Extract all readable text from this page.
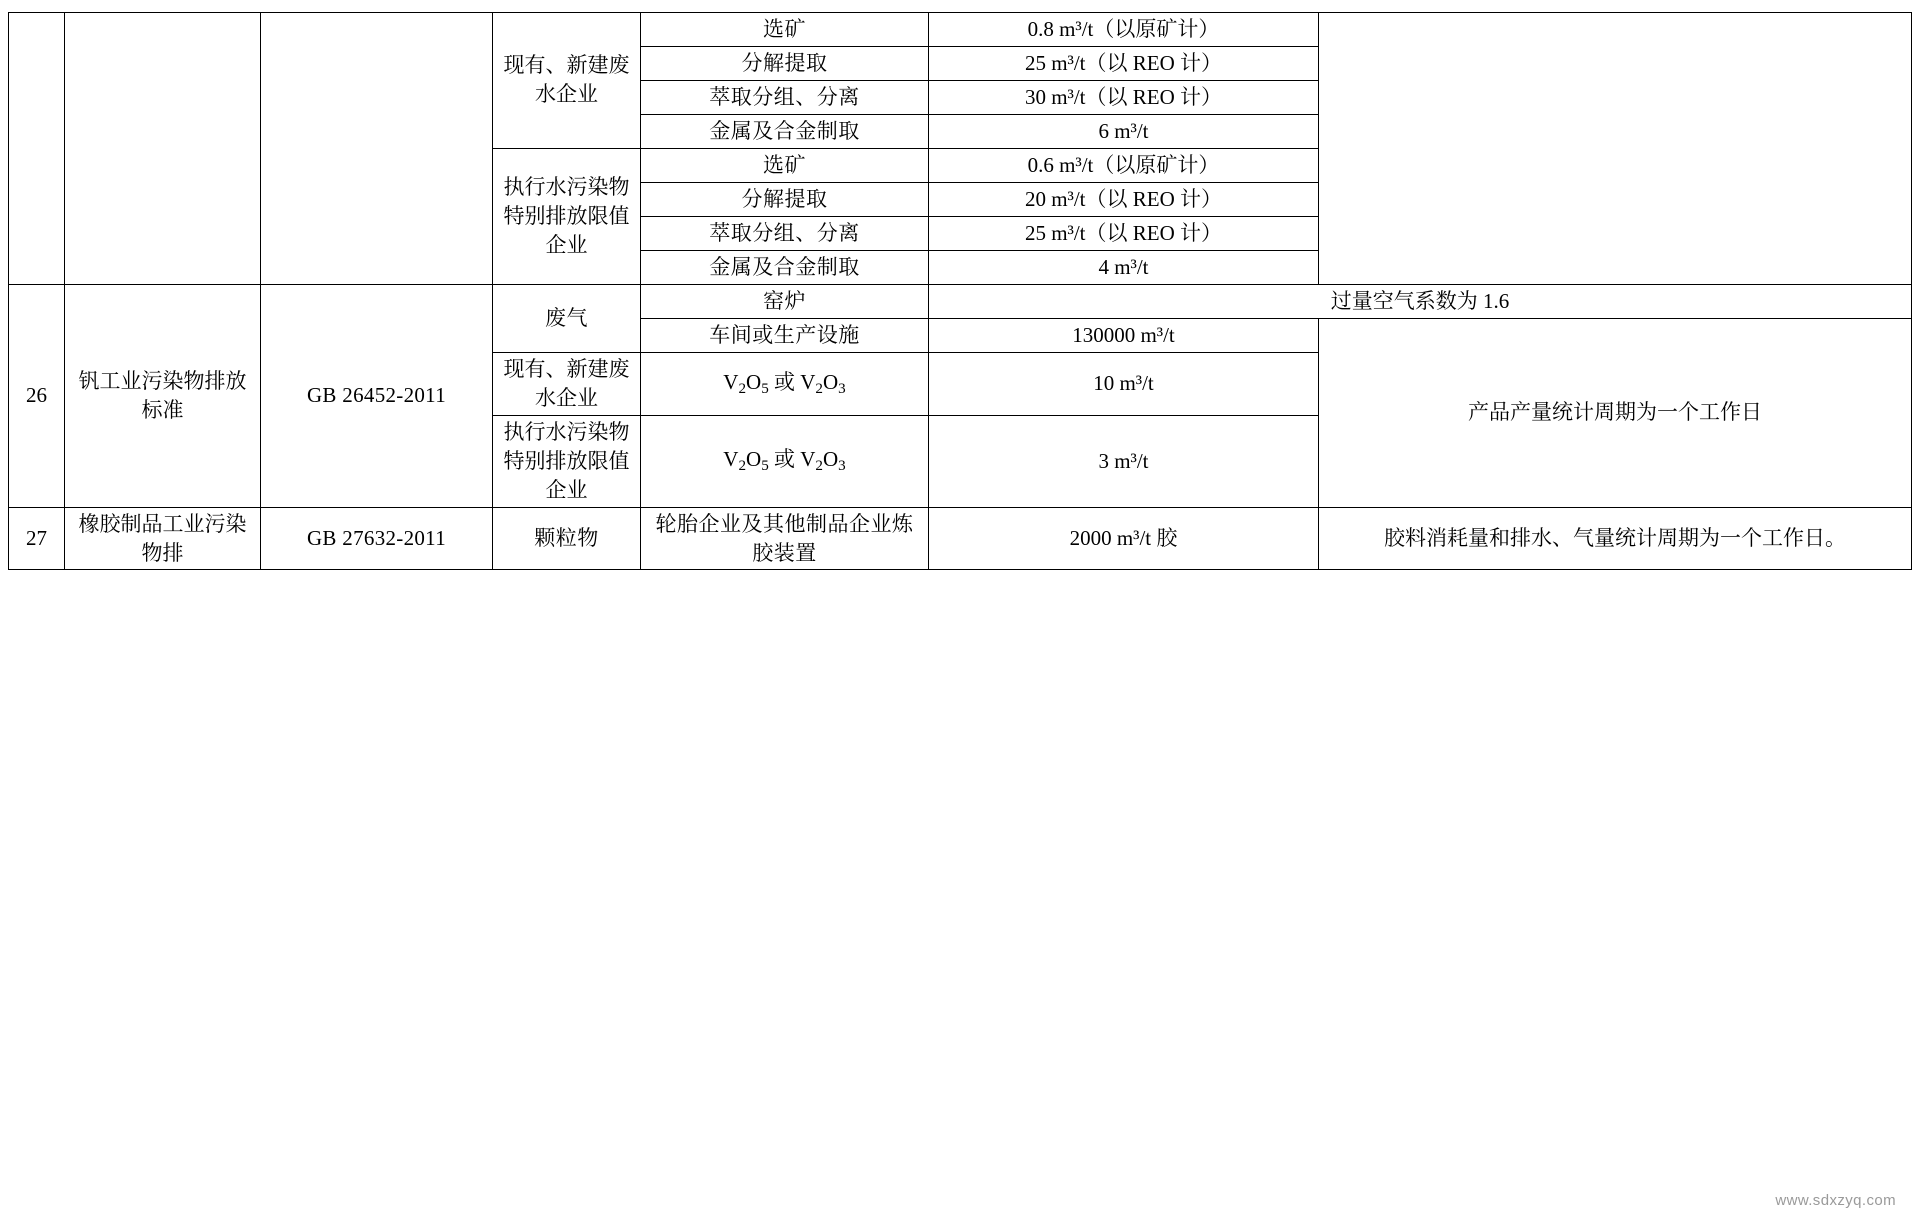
			现有、新建废水企业	选矿	0.8 m³/t（以原矿计）	
				分解提取	25 m³/t（以 REO 计）	
				萃取分组、分离	30 m³/t（以 REO 计）	
				金属及合金制取	6 m³/t	
			执行水污染物特别排放限值企业	选矿	0.6 m³/t（以原矿计）	
				分解提取	20 m³/t（以 REO 计）	
				萃取分组、分离	25 m³/t（以 REO 计）	
				金属及合金制取	4 m³/t	
26	钒工业污染物排放标准	GB 26452-2011	废气	窑炉	过量空气系数为 1.6	
				车间或生产设施	130000 m³/t	产品产量统计周期为一个工作日
			现有、新建废水企业	$V_2O_5$ 或 $V_2O_3$	10 m³/t	
			执行水污染物特别排放限值企业	$V_2O_5$ 或 $V_2O_3$	3 m³/t	
27	橡胶制品工业污染物排	GB 27632-2011	颗粒物	轮胎企业及其他制品企业炼胶装置	2000 m³/t 胶	胶料消耗量和排水、气量统计周期为一个工作日。
www.sdxzyq.com
